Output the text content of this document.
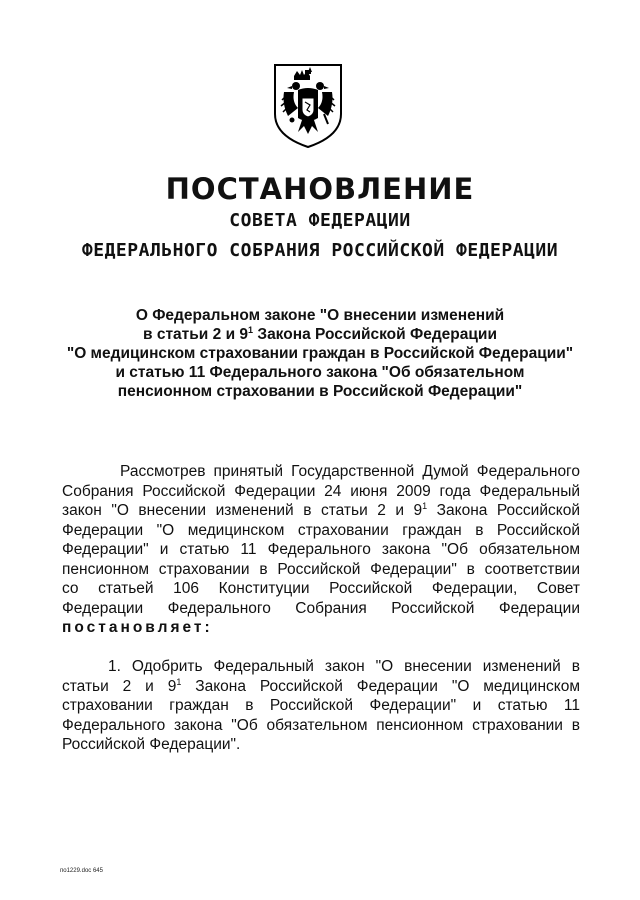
ПОСТАНОВЛЕНИЕ
СОВЕТА ФЕДЕРАЦИИ
ФЕДЕРАЛЬНОГО СОБРАНИЯ РОССИЙСКОЙ ФЕДЕРАЦИИ
О Федеральном законе "О внесении изменений
в статьи 2 и $9^1$ Закона Российской Федерации
"О медицинском страховании граждан в Российской Федерации"
и статью 11 Федерального закона "Об обязательном
пенсионном страховании в Российской Федерации"
Рассмотрев принятый Государственной Думой Федерального
Собрания Российской Федерации 24 июня 2009 года Федеральный
закон "О внесении изменений в статьи 2 и $9^1$ Закона Российской
Федерации "О медицинском страховании граждан в Российской
Федерации" и статью 11 Федерального закона "Об обязательном
пенсионном страховании в Российской Федерации" в соответствии
со статьей 106 Конституции Российской Федерации, Совет
Федерации Федерального Собрания Российской Федерации
постановляет:
1. Одобрить Федеральный закон "О внесении изменений в
статьи 2 и $9^1$ Закона Российской Федерации "О медицинском
страховании граждан в Российской Федерации" и статью 11
Федерального закона "Об обязательном пенсионном страховании в
Российской Федерации".
по1229.doc 645
